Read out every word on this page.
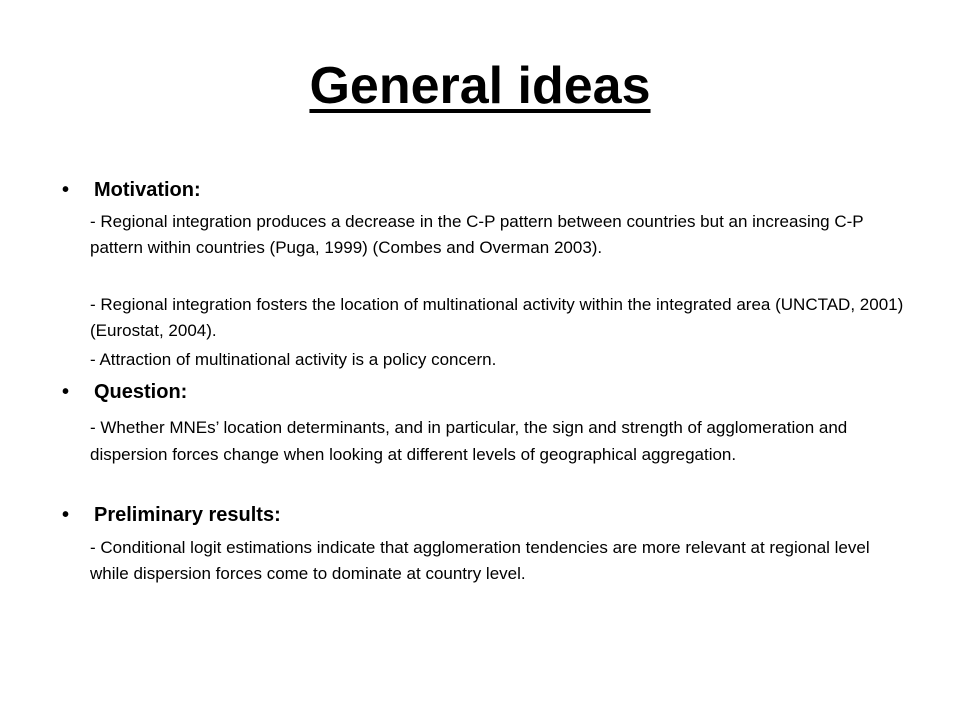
General ideas
• Motivation:
- Regional integration produces a decrease in the C-P pattern between countries but an increasing C-P pattern within countries (Puga, 1999) (Combes and Overman 2003).
- Regional integration fosters the location of multinational activity within the integrated area (UNCTAD, 2001) (Eurostat, 2004).
- Attraction of multinational activity is a policy concern.
• Question:
- Whether MNEs’ location determinants, and in particular, the sign and strength of agglomeration and dispersion forces change when looking at different levels of geographical aggregation.
• Preliminary results:
- Conditional logit estimations indicate that agglomeration tendencies are more relevant at regional level while dispersion forces come to dominate at country level.
